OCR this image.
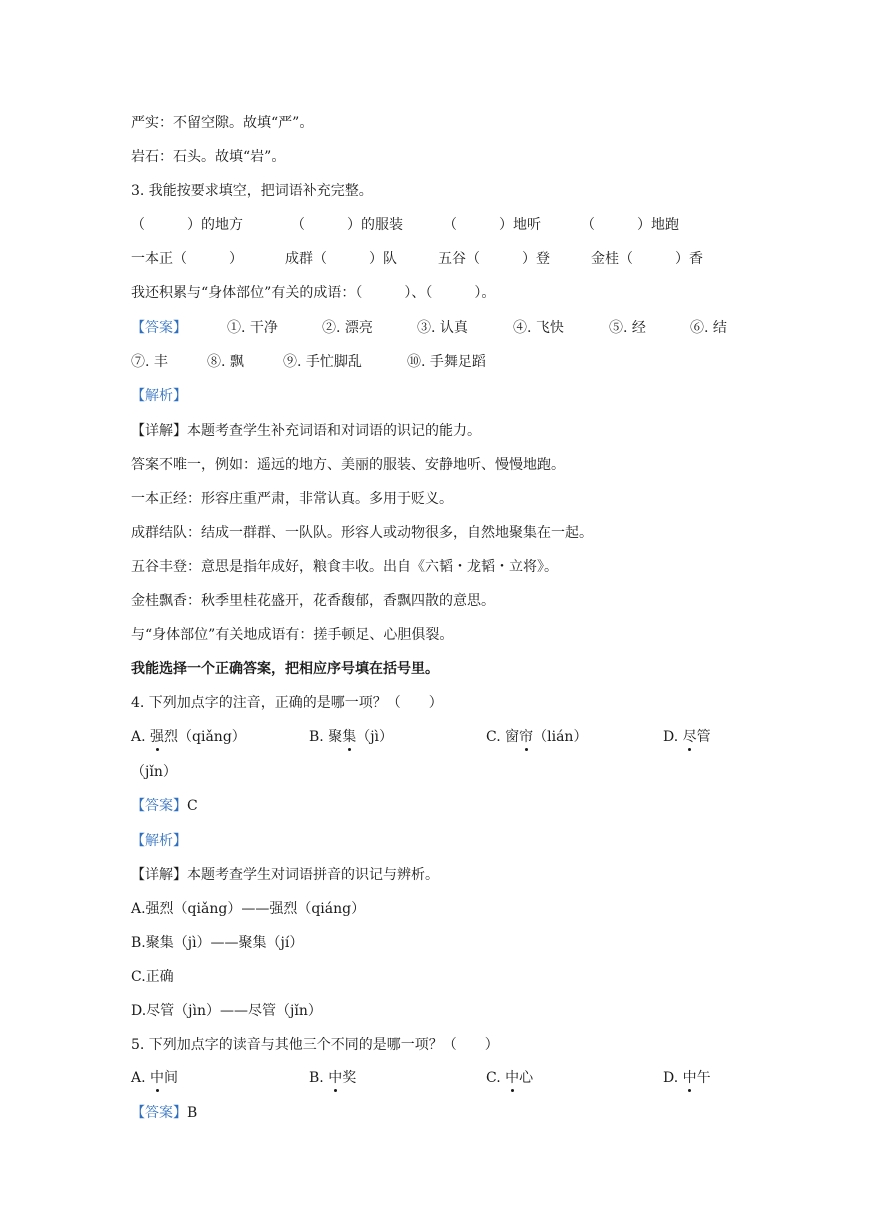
严实：不留空隙。故填“严”。
岩石：石头。故填“岩”。
3. 我能按要求填空，把词语补充完整。
（　　　）的地方	（　　　）的服装	（　　　）地听	（　　　）地跑
一本正（　　　）	成群（　　　）队	五谷（　　　）登	金桂（　　　）香
我还积累与“身体部位”有关的成语：（　　　）、（　　　）。
【答案】	①. 干净	②. 漂亮	③. 认真	④. 飞快	⑤. 经	⑥. 结
⑦. 丰	⑧. 飘	⑨. 手忙脚乱	⑩. 手舞足蹈
【解析】
【详解】本题考查学生补充词语和对词语的识记的能力。
答案不唯一，例如：遥远的地方、美丽的服装、安静地听、慢慢地跑。
一本正经：形容庄重严肃，非常认真。多用于贬义。
成群结队：结成一群群、一队队。形容人或动物很多，自然地聚集在一起。
五谷丰登：意思是指年成好，粮食丰收。出自《六韬・龙韬・立将》。
金桂飘香：秋季里桂花盛开，花香馥郁，香飘四散的意思。
与“身体部位”有关地成语有：搓手顿足、心胆俱裂。
我能选择一个正确答案，把相应序号填在括号里。
4. 下列加点字的注音，正确的是哪一项？（　　）
A. 强烈（qiǎng）	B. 聚集（jì）	C. 窗帘（lián）	D. 尽管
（jǐn）
【答案】C
【解析】
【详解】本题考查学生对词语拼音的识记与辨析。
A.强烈（qiǎng）——强烈（qiáng）
B.聚集（jì）——聚集（jí）
C.正确
D.尽管（jìn）——尽管（jǐn）
5. 下列加点字的读音与其他三个不同的是哪一项？（　　）
A. 中间	B. 中奖	C. 中心	D. 中午
【答案】B
